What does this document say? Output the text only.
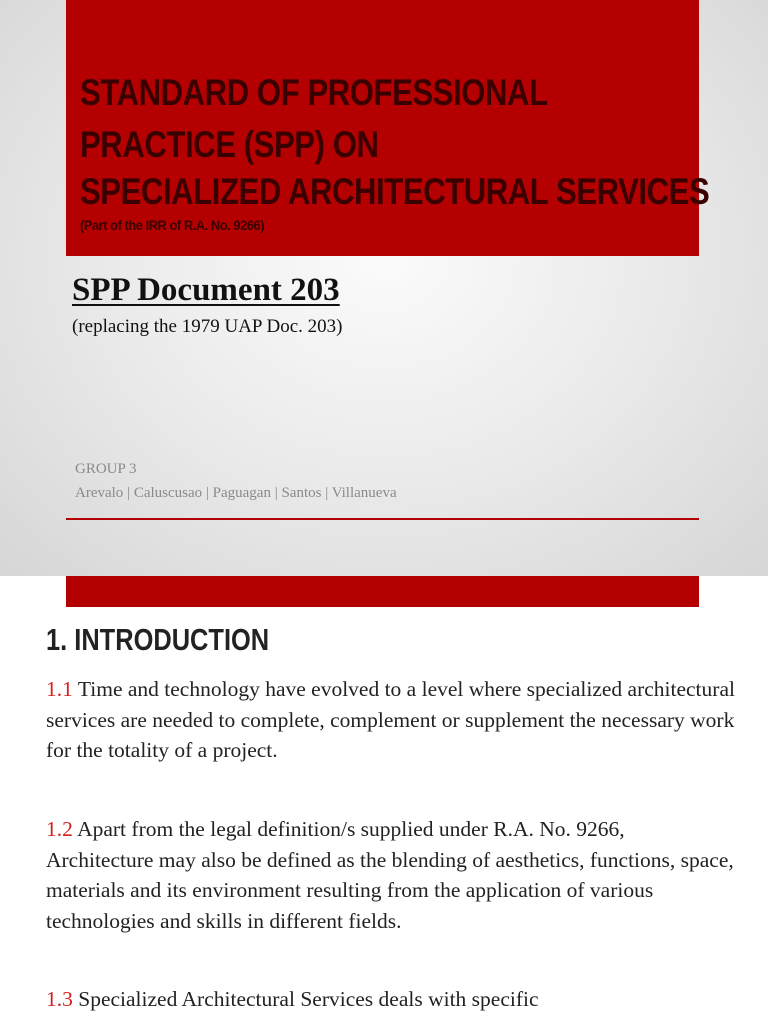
STANDARD OF PROFESSIONAL
PRACTICE (SPP) ON
SPECIALIZED ARCHITECTURAL SERVICES

(Part of the IRR of R.A. No. 9266)

SPP Document 203

(replacing the 1979 UAP Doc. 203)

GROUP 3

Arevalo | Caluscusao | Paguagan | Santos | Villanueva

1. INTRODUCTION

1.1 Time and technology have evolved to a level where specialized architectural services are needed to complete, complement or supplement the necessary work for the totality of a project.

1.2 Apart from the legal definition/s supplied under R.A. No. 9266, Architecture may also be defined as the blending of aesthetics, functions, space, materials and its environment resulting from the application of various technologies and skills in different fields.

1.3 Specialized Architectural Services deals with specific
